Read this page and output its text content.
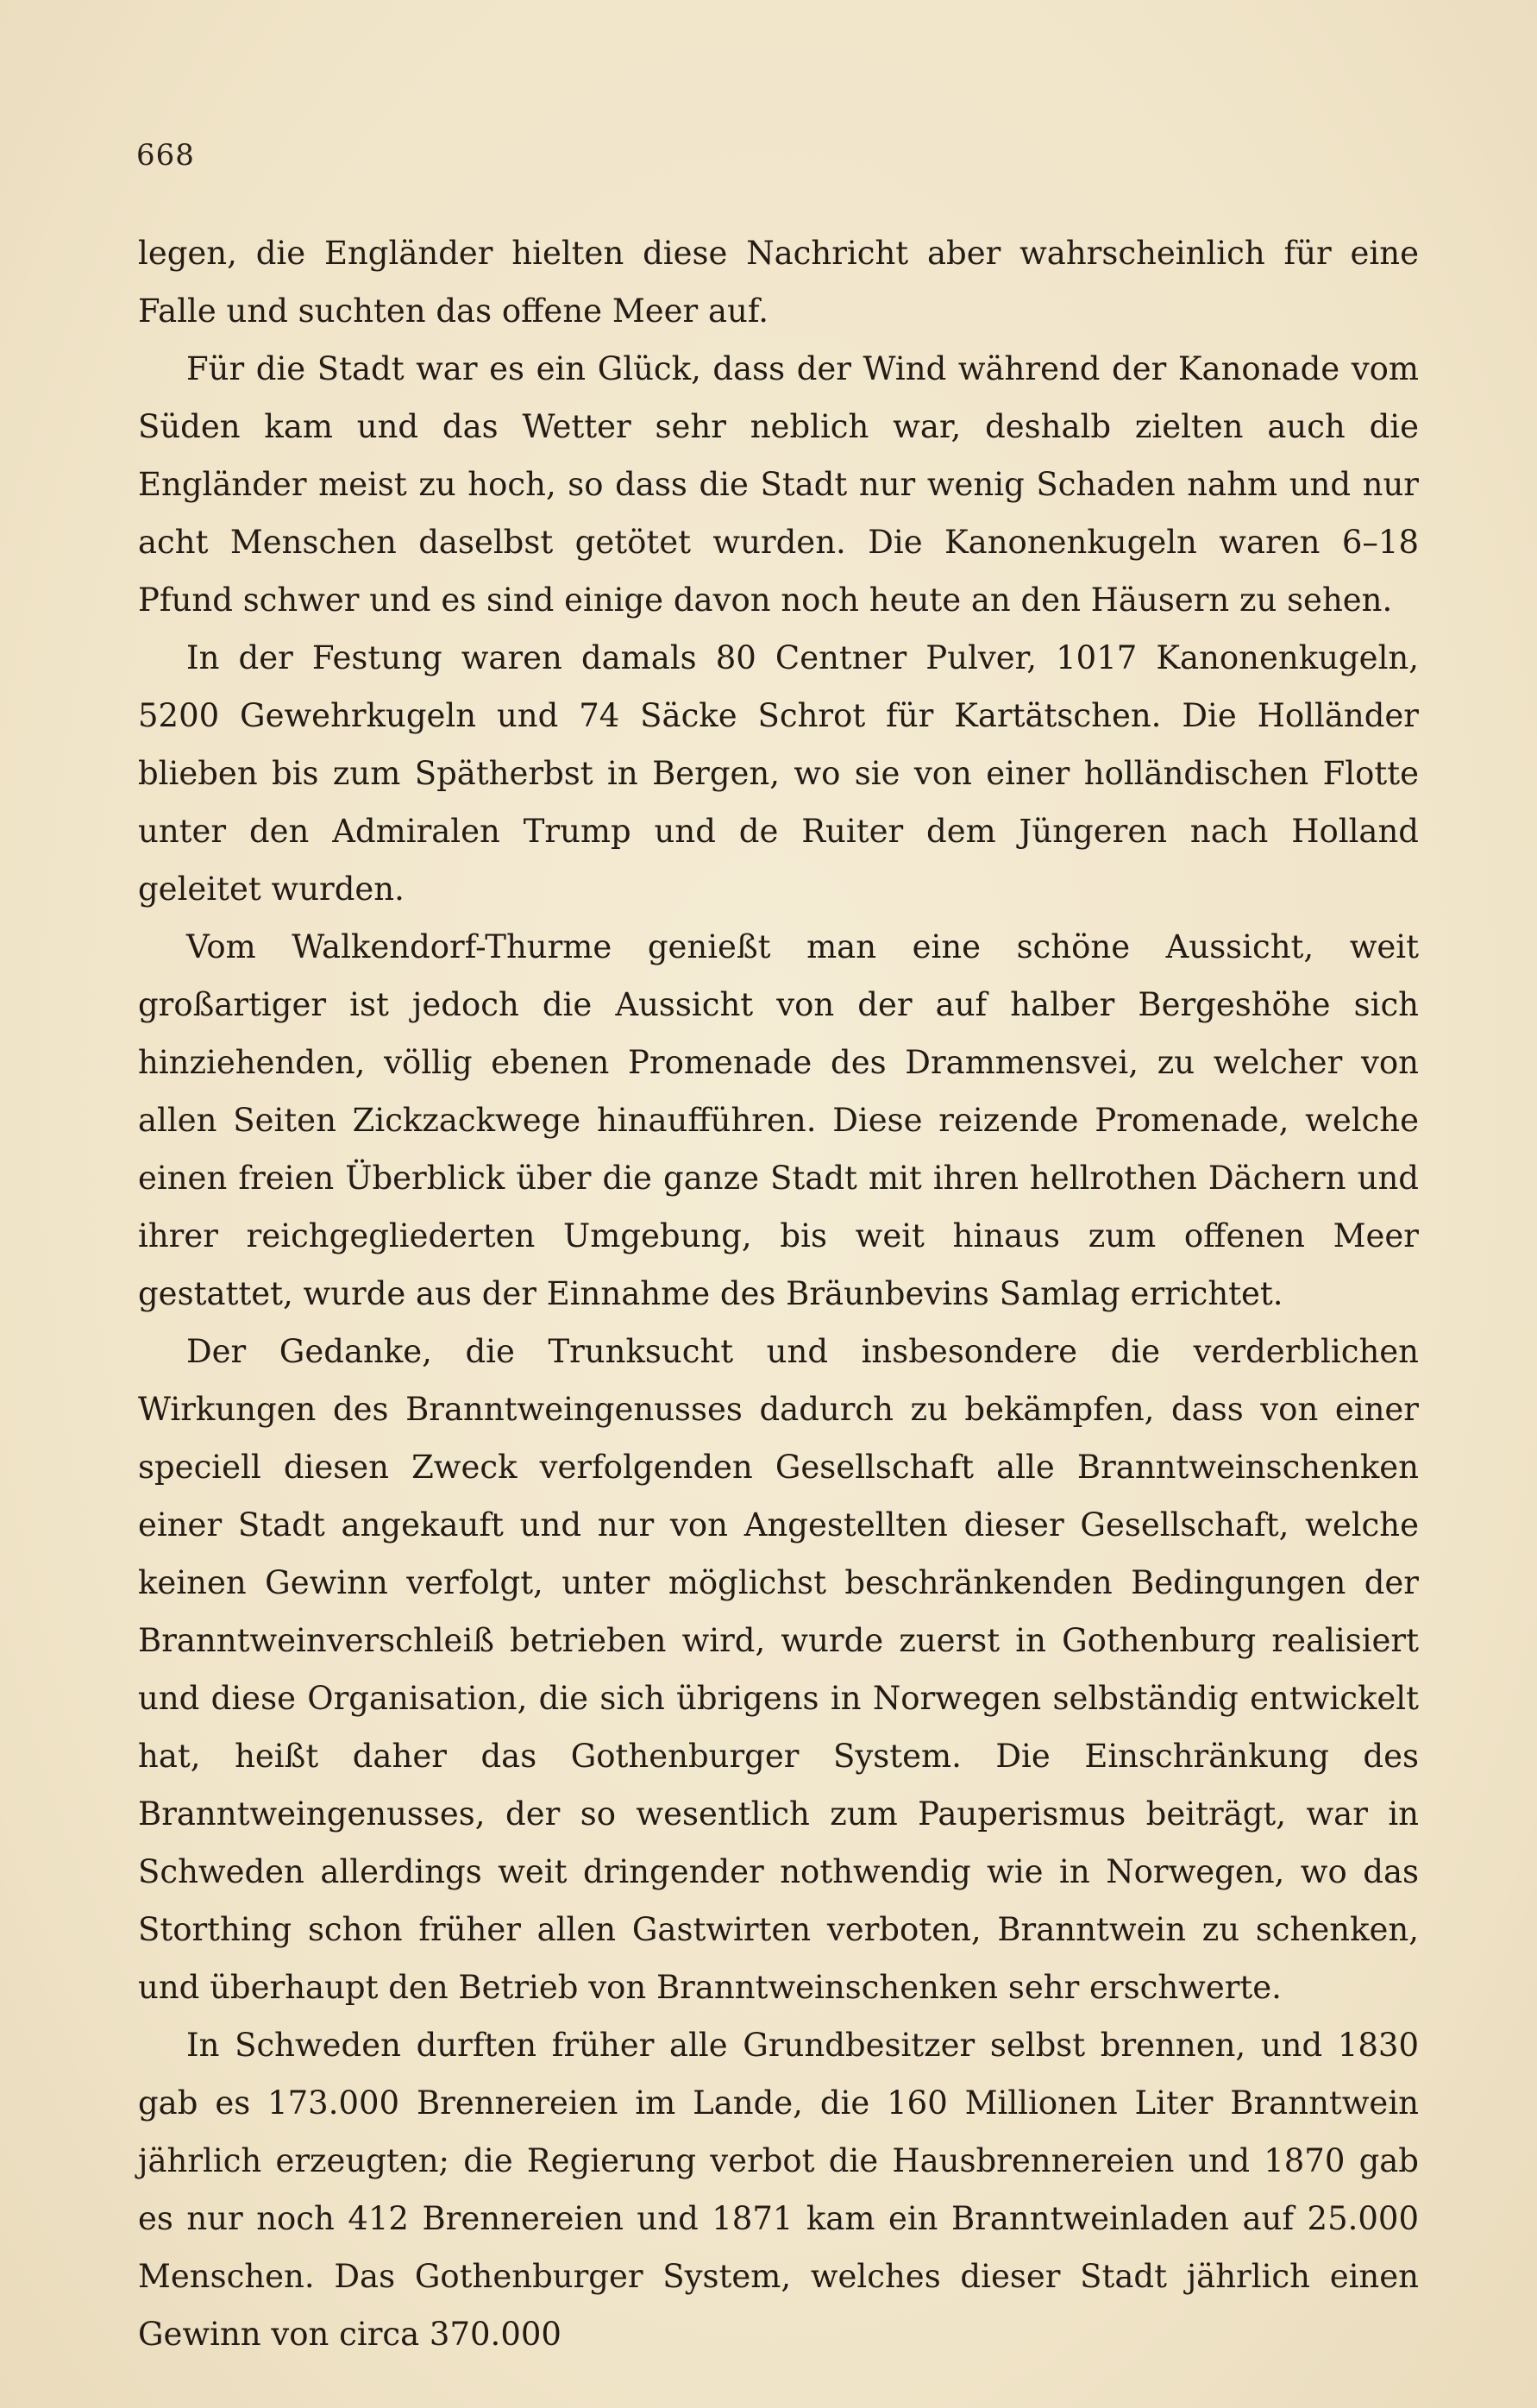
668

legen, die Engländer hielten diese Nachricht aber wahrscheinlich für eine Falle und suchten das offene Meer auf.

Für die Stadt war es ein Glück, dass der Wind während der Kanonade vom Süden kam und das Wetter sehr neblich war, deshalb zielten auch die Engländer meist zu hoch, so dass die Stadt nur wenig Schaden nahm und nur acht Menschen daselbst getötet wurden. Die Kanonenkugeln waren 6–18 Pfund schwer und es sind einige davon noch heute an den Häusern zu sehen.

In der Festung waren damals 80 Centner Pulver, 1017 Kanonenkugeln, 5200 Gewehrkugeln und 74 Säcke Schrot für Kartätschen. Die Holländer blieben bis zum Spätherbst in Bergen, wo sie von einer holländischen Flotte unter den Admiralen Trump und de Ruiter dem Jüngeren nach Holland geleitet wurden.

Vom Walkendorf-Thurme genießt man eine schöne Aussicht, weit großartiger ist jedoch die Aussicht von der auf halber Bergeshöhe sich hinziehenden, völlig ebenen Promenade des Drammensvei, zu welcher von allen Seiten Zickzackwege hinaufführen. Diese reizende Promenade, welche einen freien Überblick über die ganze Stadt mit ihren hellrothen Dächern und ihrer reichgegliederten Umgebung, bis weit hinaus zum offenen Meer gestattet, wurde aus der Einnahme des Bräunbevins Samlag errichtet.

Der Gedanke, die Trunksucht und insbesondere die verderblichen Wirkungen des Branntweingenusses dadurch zu bekämpfen, dass von einer speciell diesen Zweck verfolgenden Gesellschaft alle Branntweinschenken einer Stadt angekauft und nur von Angestellten dieser Gesellschaft, welche keinen Gewinn verfolgt, unter möglichst beschränkenden Bedingungen der Branntweinverschleiß betrieben wird, wurde zuerst in Gothenburg realisiert und diese Organisation, die sich übrigens in Norwegen selbständig entwickelt hat, heißt daher das Gothenburger System. Die Einschränkung des Branntweingenusses, der so wesentlich zum Pauperismus beiträgt, war in Schweden allerdings weit dringender nothwendig wie in Norwegen, wo das Storthing schon früher allen Gastwirten verboten, Branntwein zu schenken, und überhaupt den Betrieb von Branntweinschenken sehr erschwerte.

In Schweden durften früher alle Grundbesitzer selbst brennen, und 1830 gab es 173.000 Brennereien im Lande, die 160 Millionen Liter Branntwein jährlich erzeugten; die Regierung verbot die Hausbrennereien und 1870 gab es nur noch 412 Brennereien und 1871 kam ein Branntweinladen auf 25.000 Menschen. Das Gothenburger System, welches dieser Stadt jährlich einen Gewinn von circa 370.000
